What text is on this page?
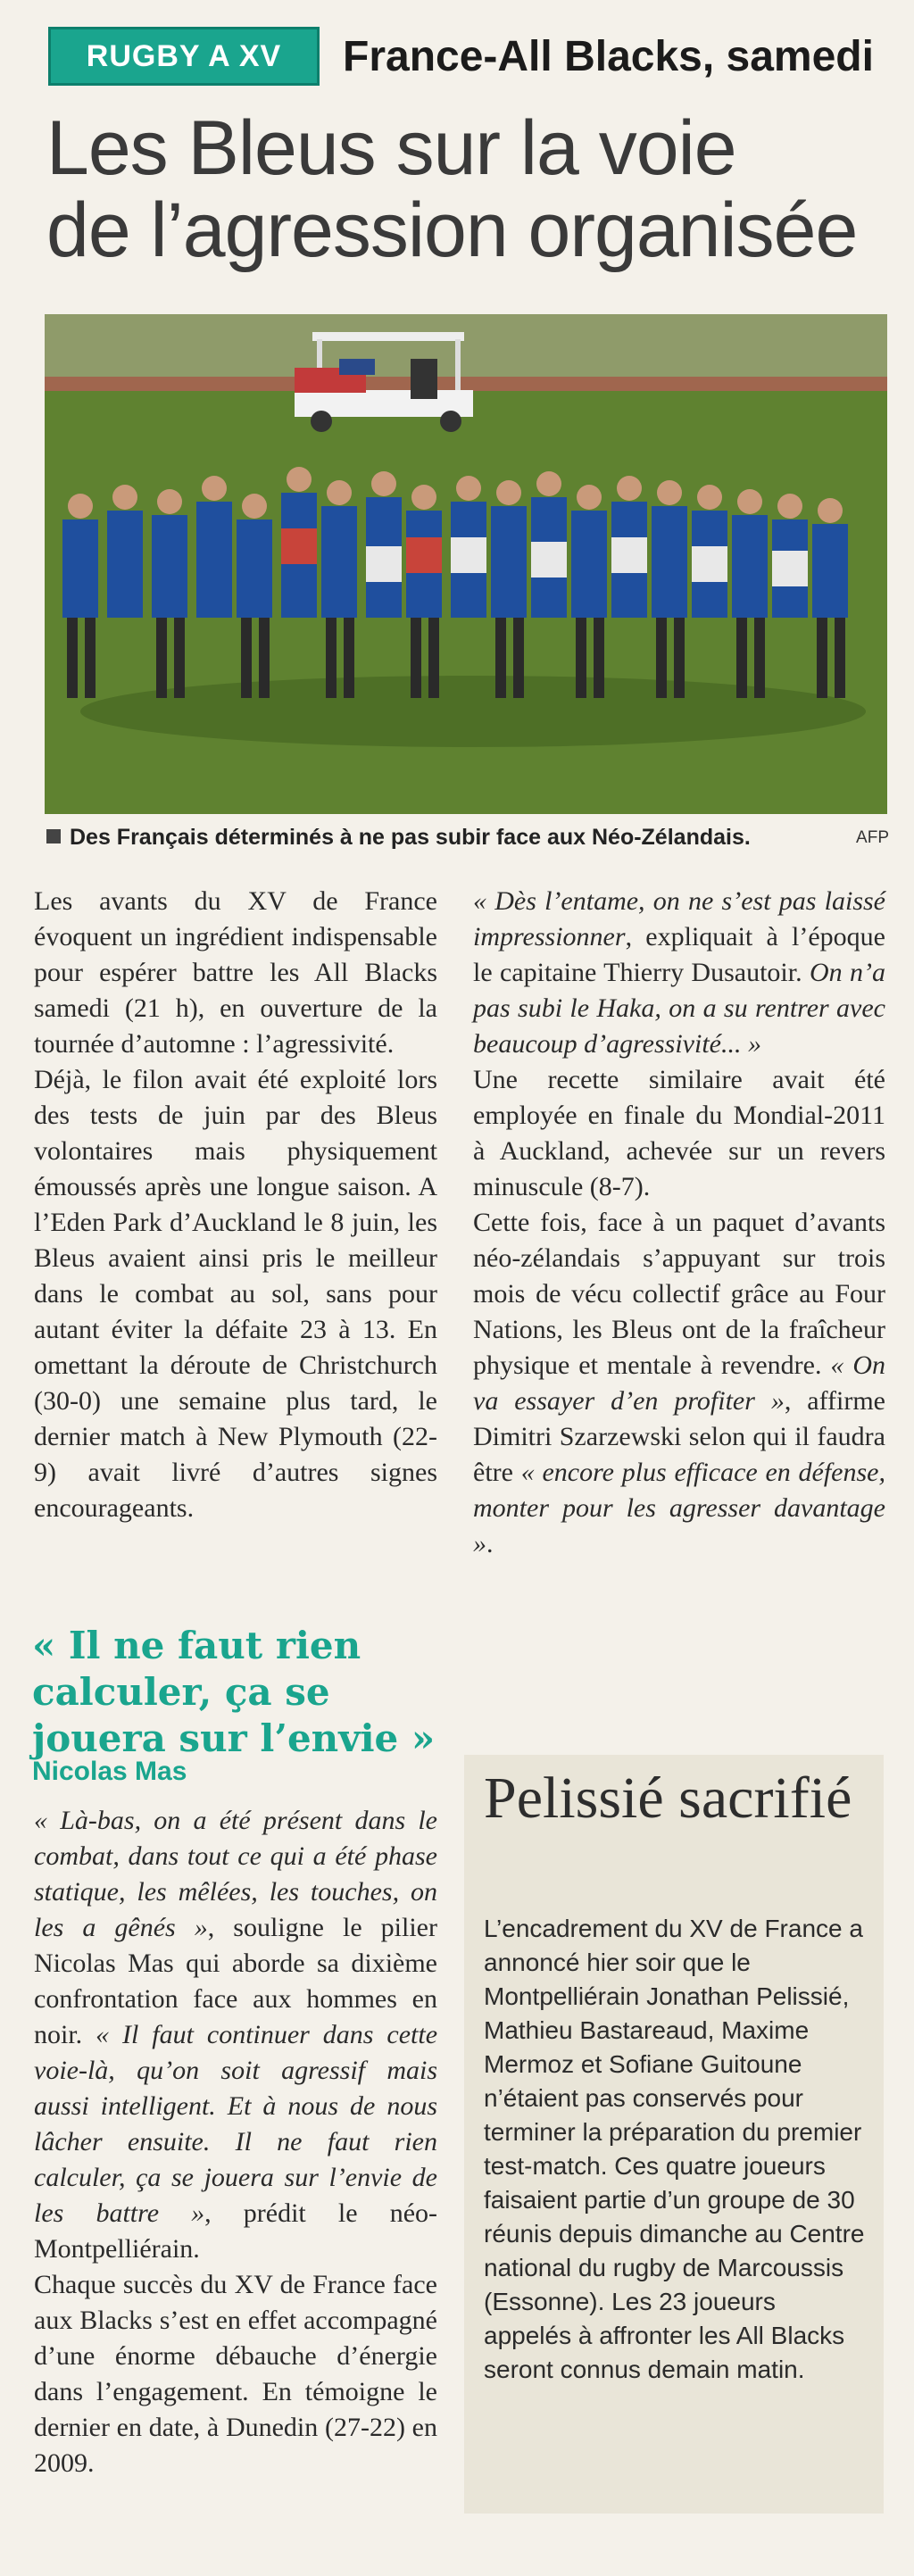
RUGBY A XV	France-All Blacks, samedi
Les Bleus sur la voie
de l’agression organisée
Des Français déterminés à ne pas subir face aux Néo-Zélandais.	AFP

Les avants du XV de France évoquent un ingrédient indispensable pour espérer battre les All Blacks samedi (21 h), en ouverture de la tournée d’automne : l’agressivité.

Déjà, le filon avait été exploité lors des tests de juin par des Bleus volontaires mais physiquement émoussés après une longue saison. A l’Eden Park d’Auckland le 8 juin, les Bleus avaient ainsi pris le meilleur dans le combat au sol, sans pour autant éviter la défaite 23 à 13. En omettant la déroute de Christchurch (30-0) une semaine plus tard, le dernier match à New Plymouth (22-9) avait livré d’autres signes encourageants.

« Il ne faut rien calculer, ça se jouera sur l’envie »
Nicolas Mas

« Là-bas, on a été présent dans le combat, dans tout ce qui a été phase statique, les mêlées, les touches, on les a gênés », souligne le pilier Nicolas Mas qui aborde sa dixième confrontation face aux hommes en noir. « Il faut continuer dans cette voie-là, qu’on soit agressif mais aussi intelligent. Et à nous de nous lâcher ensuite. Il ne faut rien calculer, ça se jouera sur l’envie de les battre », prédit le néo-Montpelliérain.

Chaque succès du XV de France face aux Blacks s’est en effet accompagné d’une énorme débauche d’énergie dans l’engagement. En témoigne le dernier en date, à Dunedin (27-22) en 2009.

« Dès l’entame, on ne s’est pas laissé impressionner, expliquait à l’époque le capitaine Thierry Dusautoir. On n’a pas subi le Haka, on a su rentrer avec beaucoup d’agressivité... »

Une recette similaire avait été employée en finale du Mondial-2011 à Auckland, achevée sur un revers minuscule (8-7).

Cette fois, face à un paquet d’avants néo-zélandais s’appuyant sur trois mois de vécu collectif grâce au Four Nations, les Bleus ont de la fraîcheur physique et mentale à revendre. « On va essayer d’en profiter », affirme Dimitri Szarzewski selon qui il faudra être « encore plus efficace en défense, monter pour les agresser davantage ».

Pelissié sacrifié
L’encadrement du XV de France a annoncé hier soir que le Montpelliérain Jonathan Pelissié, Mathieu Bastareaud, Maxime Mermoz et Sofiane Guitoune n’étaient pas conservés pour terminer la préparation du premier test-match. Ces quatre joueurs faisaient partie d’un groupe de 30 réunis depuis dimanche au Centre national du rugby de Marcoussis (Essonne). Les 23 joueurs appelés à affronter les All Blacks seront connus demain matin.
